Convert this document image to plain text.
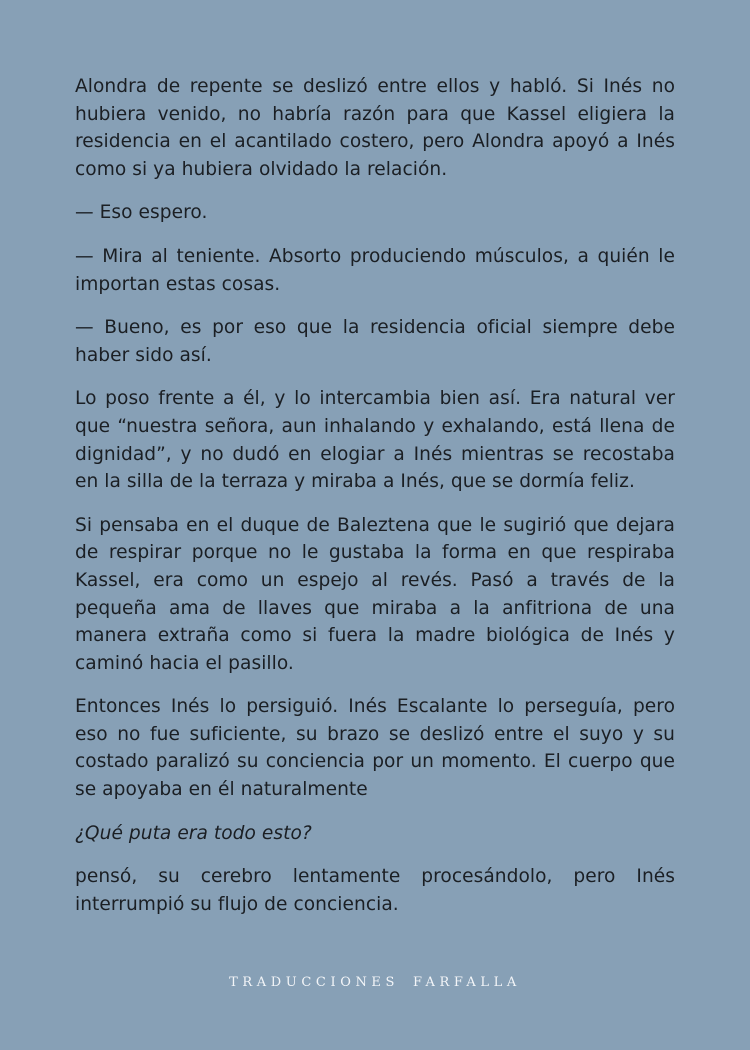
Alondra de repente se deslizó entre ellos y habló. Si Inés no hubiera venido, no habría razón para que Kassel eligiera la residencia en el acantilado costero, pero Alondra apoyó a Inés como si ya hubiera olvidado la relación.

— Eso espero.

— Mira al teniente. Absorto produciendo músculos, a quién le importan estas cosas.

— Bueno, es por eso que la residencia oficial siempre debe haber sido así.

Lo poso frente a él, y lo intercambia bien así. Era natural ver que “nuestra señora, aun inhalando y exhalando, está llena de dignidad”, y no dudó en elogiar a Inés mientras se recostaba en la silla de la terraza y miraba a Inés, que se dormía feliz.

Si pensaba en el duque de Baleztena que le sugirió que dejara de respirar porque no le gustaba la forma en que respiraba Kassel, era como un espejo al revés. Pasó a través de la pequeña ama de llaves que miraba a la anfitriona de una manera extraña como si fuera la madre biológica de Inés y caminó hacia el pasillo.

Entonces Inés lo persiguió. Inés Escalante lo perseguía, pero eso no fue suficiente, su brazo se deslizó entre el suyo y su costado paralizó su conciencia por un momento. El cuerpo que se apoyaba en él naturalmente

¿Qué puta era todo esto?

pensó, su cerebro lentamente procesándolo, pero Inés interrumpió su flujo de conciencia.

TRADUCCIONES FARFALLA
